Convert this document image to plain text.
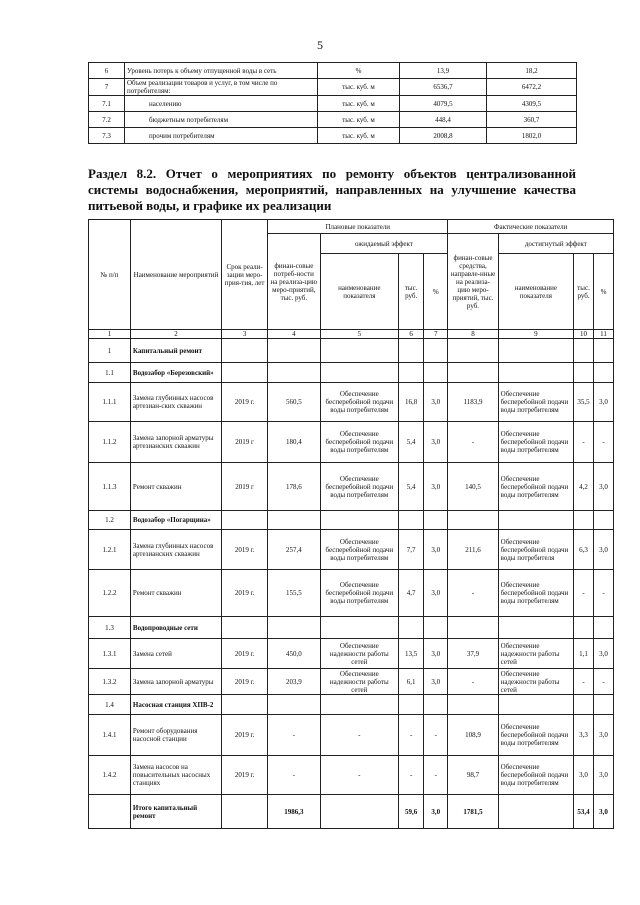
5
6	Уровень потерь к объему отпущенной воды в сеть	%	13,9	18,2
7	Объем реализации товаров и услуг, в том числе по потребителям:	тыс. куб. м	6536,7	6472,2
7.1	населению	тыс. куб. м	4079,5	4309,5
7.2	бюджетным потребителям	тыс. куб. м	448,4	360,7
7.3	прочим потребителям	тыс. куб. м	2008,8	1802,0

Раздел 8.2. Отчет о мероприятиях по ремонту объектов централизованной системы водоснабжения, мероприятий, направленных на улучшение качества питьевой воды, и графике их реализации

№ п/п	Наименование мероприятий	Срок реали-зации меро-прия-тия, лет	Плановые показатели				Фактические показатели			
			финан-совые потреб-ности на реализа-цию меро-приятий, тыс. руб.	ожидаемый эффект			финан-совые средства, направле-нные на реализа-цию меро-приятий, тыс. руб.	достигнутый эффект		
				наименование показателя	тыс. руб.	%		наименование показателя	тыс. руб.	%
1	2	3	4	5	6	7	8	9	10	11
1	Капитальный ремонт									
1.1	Водозабор «Березовский»									
1.1.1	Замена глубинных насосов артезиан-ских скважин	2019 г.	560,5	Обеспечение бесперебойной подачи воды потребителям	16,8	3,0	1183,9	Обеспечение бесперебойной подачи воды потребителям	35,5	3,0
1.1.2	Замена запорной арматуры артезианских скважин	2019 г	180,4	Обеспечение бесперебойной подачи воды потребителям	5,4	3,0	-	Обеспечение бесперебойной подачи воды потребителям	-	-
1.1.3	Ремонт скважин	2019 г	178,6	Обеспечение бесперебойной подачи воды потребителям	5,4	3,0	140,5	Обеспечение бесперебойной подачи воды потребителям	4,2	3,0
1.2	Водозабор «Погарщина»									
1.2.1	Замена глубинных насосов артезианских скважин	2019 г.	257,4	Обеспечение бесперебойной подачи воды потребителям	7,7	3,0	211,6	Обеспечение бесперебойной подачи воды потребителя	6,3	3,0
1.2.2	Ремонт скважин	2019 г.	155,5	Обеспечение бесперебойной подачи воды потребителям	4,7	3,0	-	Обеспечение бесперебойной подачи воды потребителям	-	-
1.3	Водопроводные сети									
1.3.1	Замена сетей	2019 г.	450,0	Обеспечение надежности работы сетей	13,5	3,0	37,9	Обеспечение надежности работы сетей	1,1	3,0
1.3.2	Замена запорной арматуры	2019 г.	203,9	Обеспечение надежности работы сетей	6,1	3,0	-	Обеспечение надежности работы сетей	-	-
1.4	Насосная станция ХПВ-2									
1.4.1	Ремонт оборудования насосной станции	2019 г.	-	-	-	-	108,9	Обеспечение бесперебойной подачи воды потребителям	3,3	3,0
1.4.2	Замена насосов на повысительных насосных станциях	2019 г.	-	-	-	-	98,7	Обеспечение бесперебойной подачи воды потребителям	3,0	3,0
	Итого капитальный ремонт		1986,3		59,6	3,0	1781,5		53,4	3,0
